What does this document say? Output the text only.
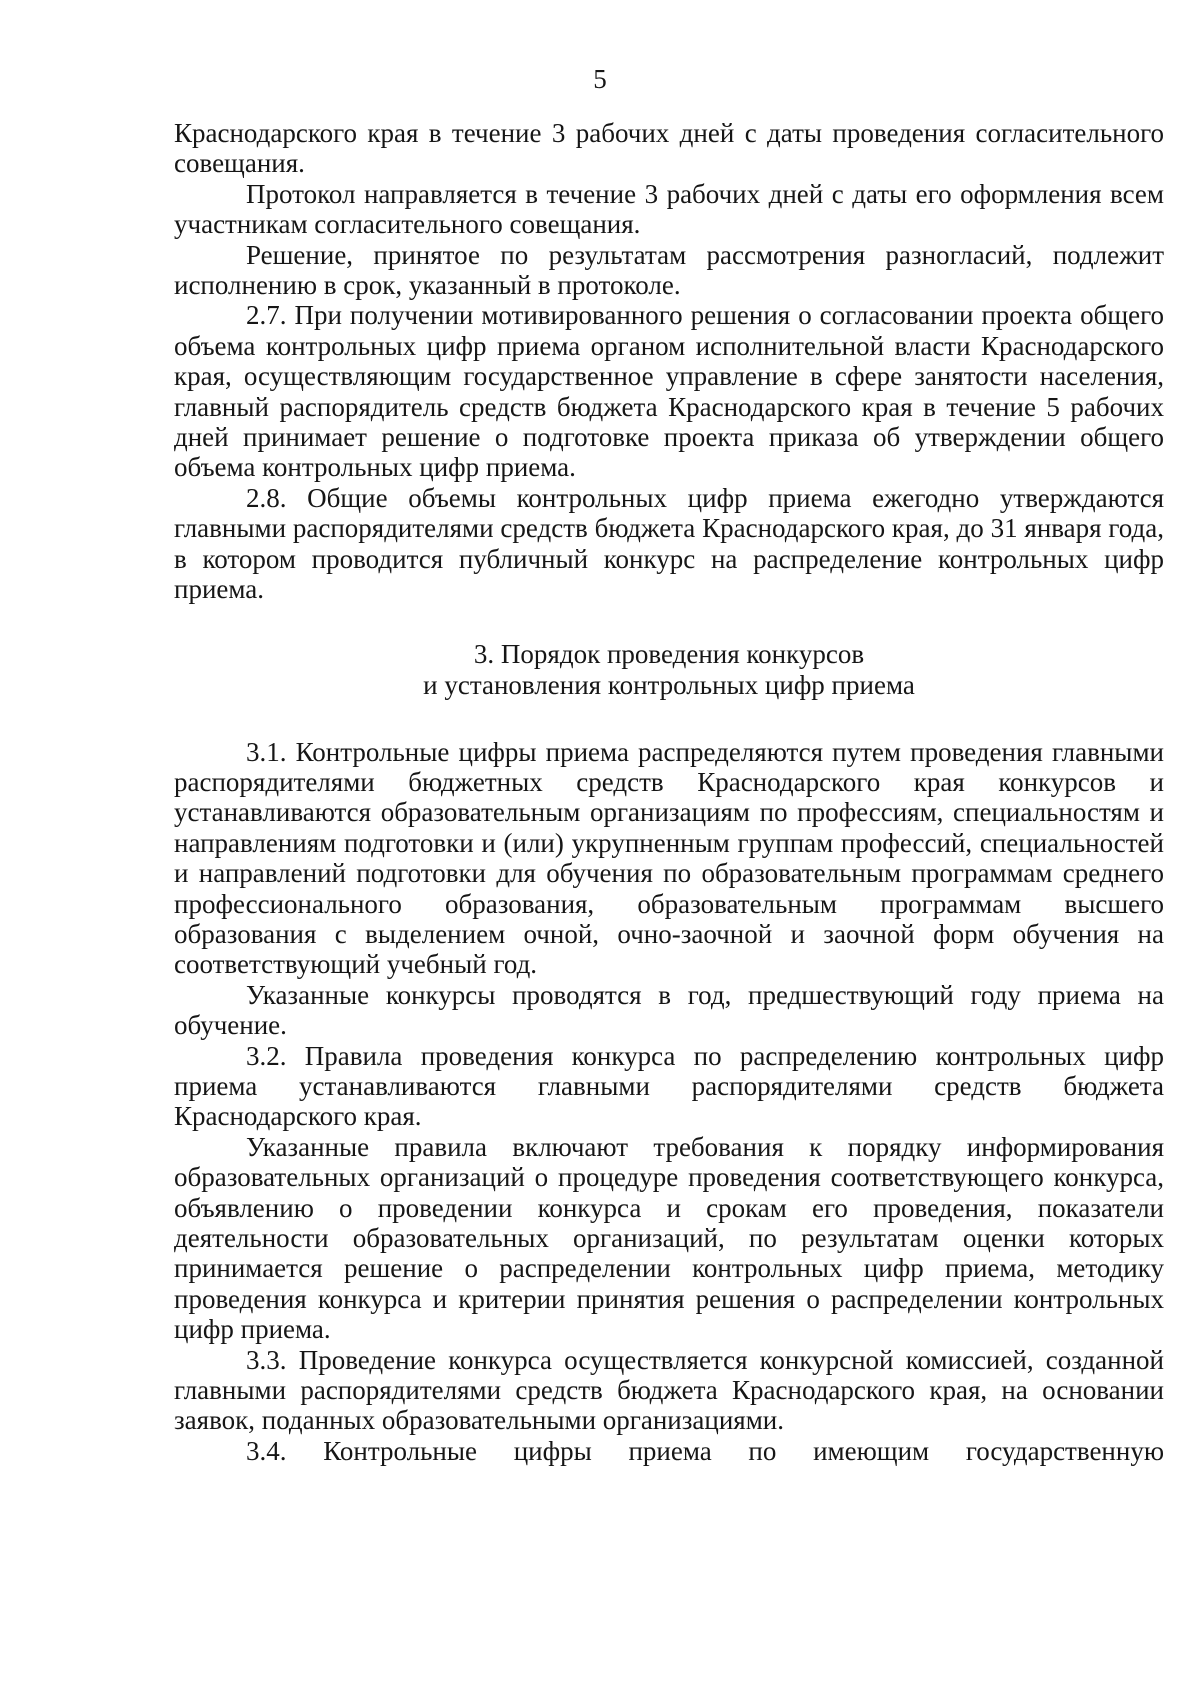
5

Краснодарского края в течение 3 рабочих дней с даты проведения согласительного совещания.

Протокол направляется в течение 3 рабочих дней с даты его оформления всем участникам согласительного совещания.

Решение, принятое по результатам рассмотрения разногласий, подлежит исполнению в срок, указанный в протоколе.

2.7. При получении мотивированного решения о согласовании проекта общего объема контрольных цифр приема органом исполнительной власти Краснодарского края, осуществляющим государственное управление в сфере занятости населения, главный распорядитель средств бюджета Краснодарского края в течение 5 рабочих дней принимает решение о подготовке проекта приказа об утверждении общего объема контрольных цифр приема.

2.8. Общие объемы контрольных цифр приема ежегодно утверждаются главными распорядителями средств бюджета Краснодарского края, до 31 января года, в котором проводится публичный конкурс на распределение контрольных цифр приема.

3. Порядок проведения конкурсов
и установления контрольных цифр приема

3.1. Контрольные цифры приема распределяются путем проведения главными распорядителями бюджетных средств Краснодарского края конкурсов и устанавливаются образовательным организациям по профессиям, специальностям и направлениям подготовки и (или) укрупненным группам профессий, специальностей и направлений подготовки для обучения по образовательным программам среднего профессионального образования, образовательным программам высшего образования с выделением очной, очно-заочной и заочной форм обучения на соответствующий учебный год.

Указанные конкурсы проводятся в год, предшествующий году приема на обучение.

3.2. Правила проведения конкурса по распределению контрольных цифр приема устанавливаются главными распорядителями средств бюджета Краснодарского края.

Указанные правила включают требования к порядку информирования образовательных организаций о процедуре проведения соответствующего конкурса, объявлению о проведении конкурса и срокам его проведения, показатели деятельности образовательных организаций, по результатам оценки которых принимается решение о распределении контрольных цифр приема, методику проведения конкурса и критерии принятия решения о распределении контрольных цифр приема.

3.3. Проведение конкурса осуществляется конкурсной комиссией, созданной главными распорядителями средств бюджета Краснодарского края, на основании заявок, поданных образовательными организациями.

3.4. Контрольные цифры приема по имеющим государственную
